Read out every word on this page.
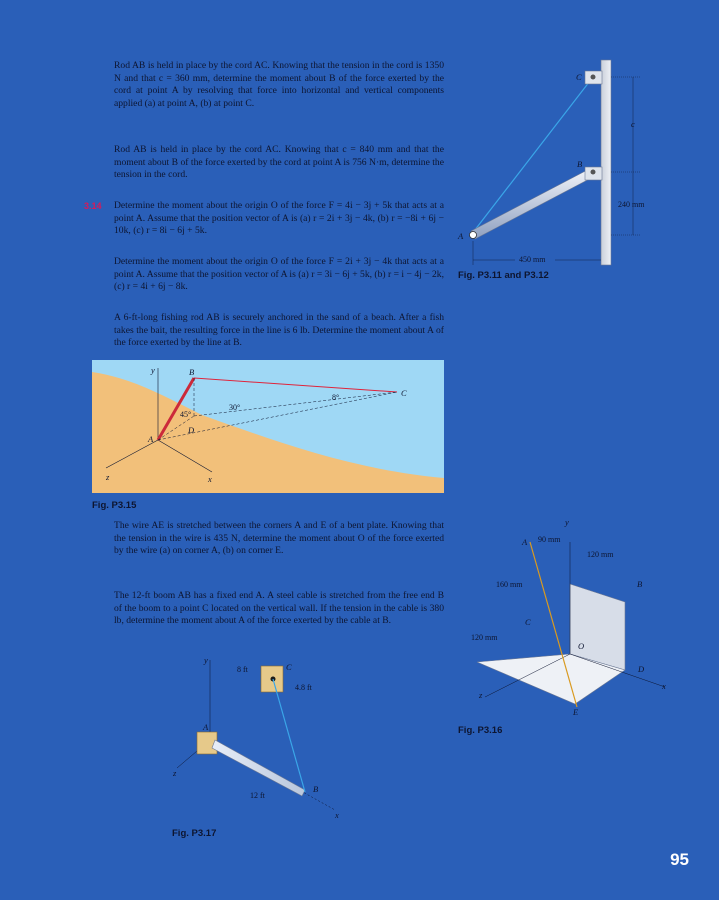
Rod AB is held in place by the cord AC. Knowing that the tension in the cord is 1350 N and that c = 360 mm, determine the moment about B of the force exerted by the cord at point A by resolving that force into horizontal and vertical components applied (a) at point A, (b) at point C.
Rod AB is held in place by the cord AC. Knowing that c = 840 mm and that the moment about B of the force exerted by the cord at point A is 756 N·m, determine the tension in the cord.
3.14 Determine the moment about the origin O of the force F = 4i − 3j + 5k that acts at a point A. Assume that the position vector of A is (a) r = 2i + 3j − 4k, (b) r = −8i + 6j − 10k, (c) r = 8i − 6j + 5k.
Determine the moment about the origin O of the force F = 2i + 3j − 4k that acts at a point A. Assume that the position vector of A is (a) r = 3i − 6j + 5k, (b) r = i − 4j − 2k, (c) r = 4i + 6j − 8k.
A 6-ft-long fishing rod AB is securely anchored in the sand of a beach. After a fish takes the bait, the resulting force in the line is 6 lb. Determine the moment about A of the force exerted by the line at B.
The wire AE is stretched between the corners A and E of a bent plate. Knowing that the tension in the wire is 435 N, determine the moment about O of the force exerted by the wire (a) on corner A, (b) on corner E.
The 12-ft boom AB has a fixed end A. A steel cable is stretched from the free end B of the boom to a point C located on the vertical wall. If the tension in the cable is 380 lb, determine the moment about A of the force exerted by the cable at B.
C
B
A
c
240 mm
450 mm
Fig. P3.11 and P3.12
y	B
C
A
D
z	x
45°
30°
8°
Fig. P3.15
y
A
B
C
O
D
E
z
x
90 mm
120 mm
160 mm
120 mm
Fig. P3.16
y
C
A
B
z
x
8 ft
4.8 ft
12 ft
Fig. P3.17
95
